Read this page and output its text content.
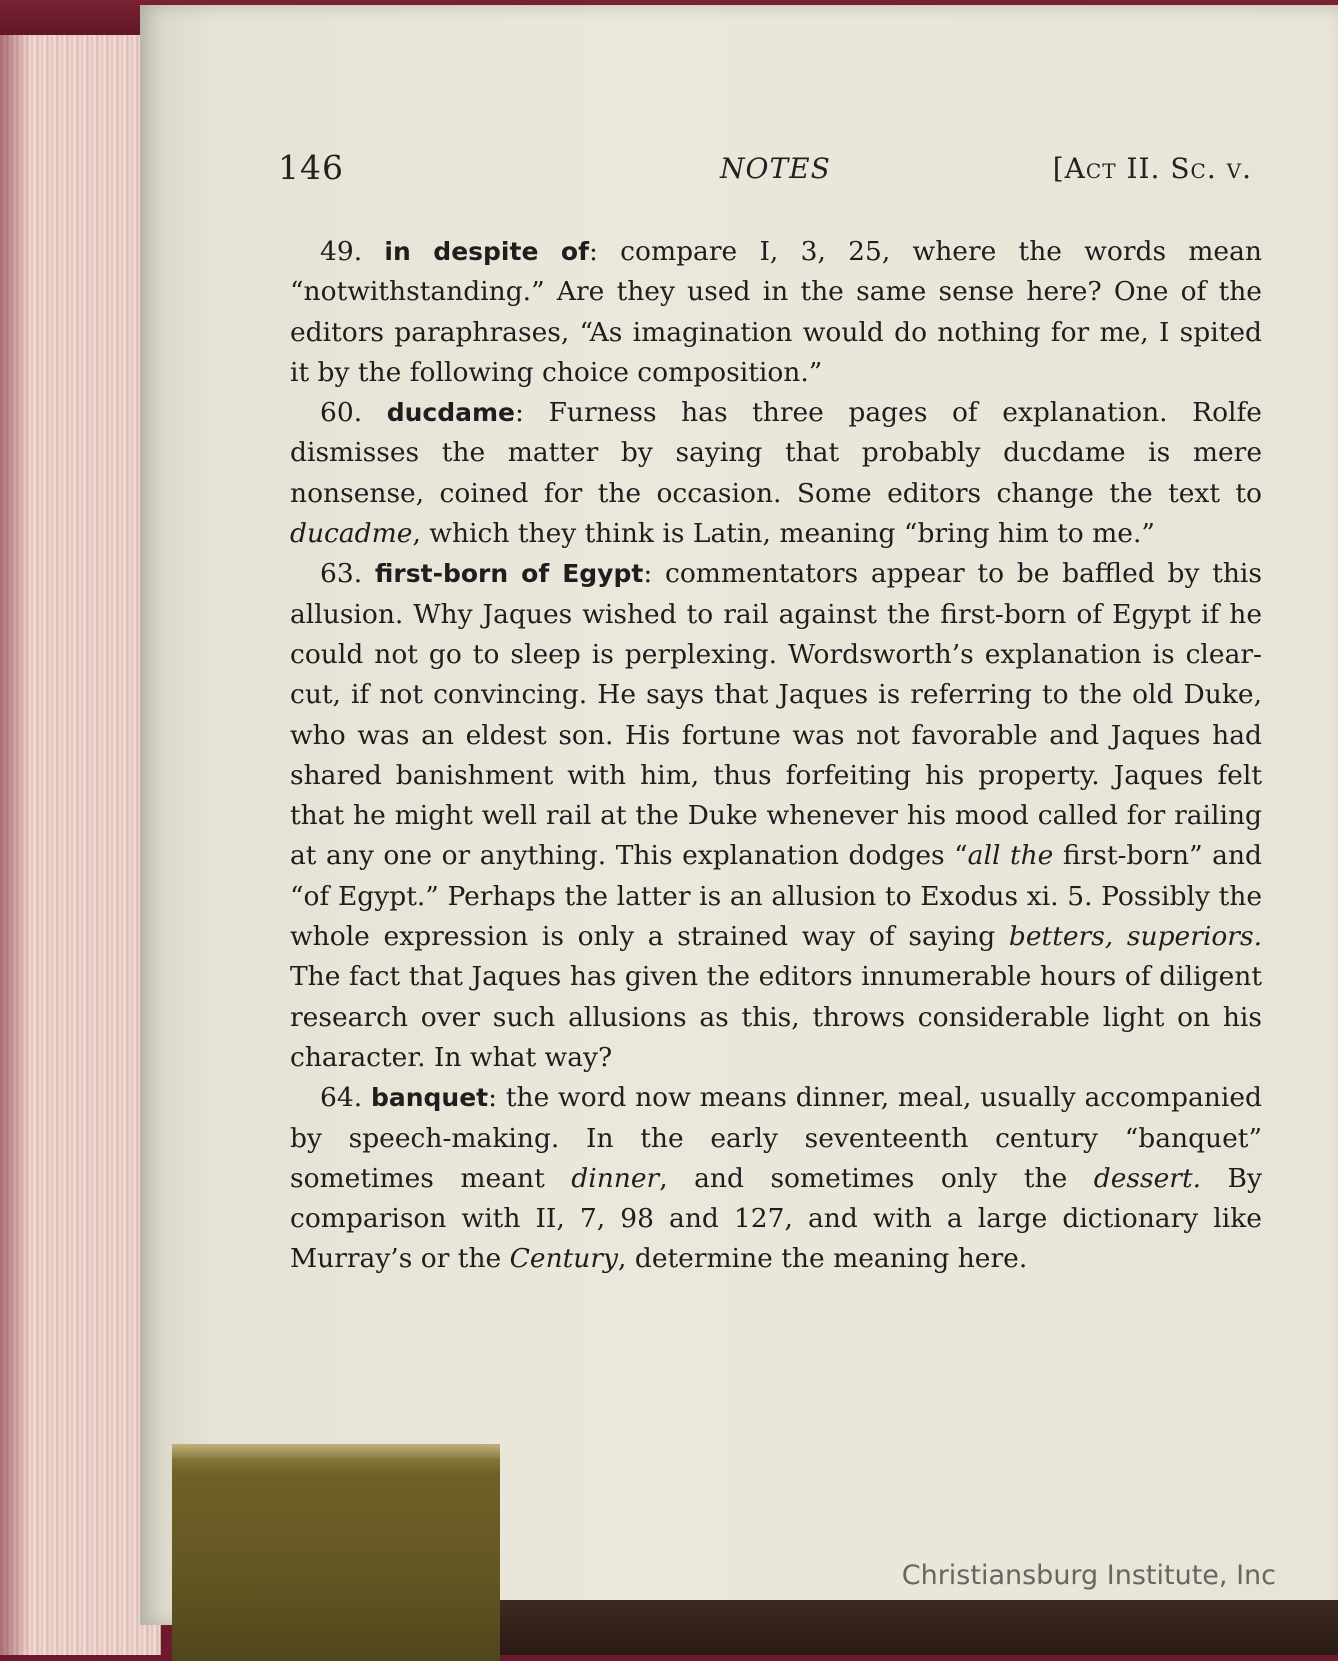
146	NOTES	[Act II. Sc. v.

49. in despite of: compare I, 3, 25, where the words mean “notwithstanding.” Are they used in the same sense here? One of the editors paraphrases, “As imagination would do nothing for me, I spited it by the following choice composition.”

60. ducdame: Furness has three pages of explanation. Rolfe dismisses the matter by saying that probably ducdame is mere nonsense, coined for the occasion. Some editors change the text to ducadme, which they think is Latin, meaning “bring him to me.”

63. first-born of Egypt: commentators appear to be baffled by this allusion. Why Jaques wished to rail against the first-born of Egypt if he could not go to sleep is perplexing. Wordsworth’s explanation is clear-cut, if not convincing. He says that Jaques is referring to the old Duke, who was an eldest son. His fortune was not favorable and Jaques had shared banishment with him, thus forfeiting his property. Jaques felt that he might well rail at the Duke whenever his mood called for railing at any one or anything. This explanation dodges “all the first-born” and “of Egypt.” Perhaps the latter is an allusion to Exodus xi. 5. Possibly the whole expression is only a strained way of saying betters, superiors. The fact that Jaques has given the editors innumerable hours of diligent research over such allusions as this, throws considerable light on his character. In what way?

64. banquet: the word now means dinner, meal, usually accompanied by speech-making. In the early seventeenth century “banquet” sometimes meant dinner, and sometimes only the dessert. By comparison with II, 7, 98 and 127, and with a large dictionary like Murray’s or the Century, determine the meaning here.

Christiansburg Institute, Inc
